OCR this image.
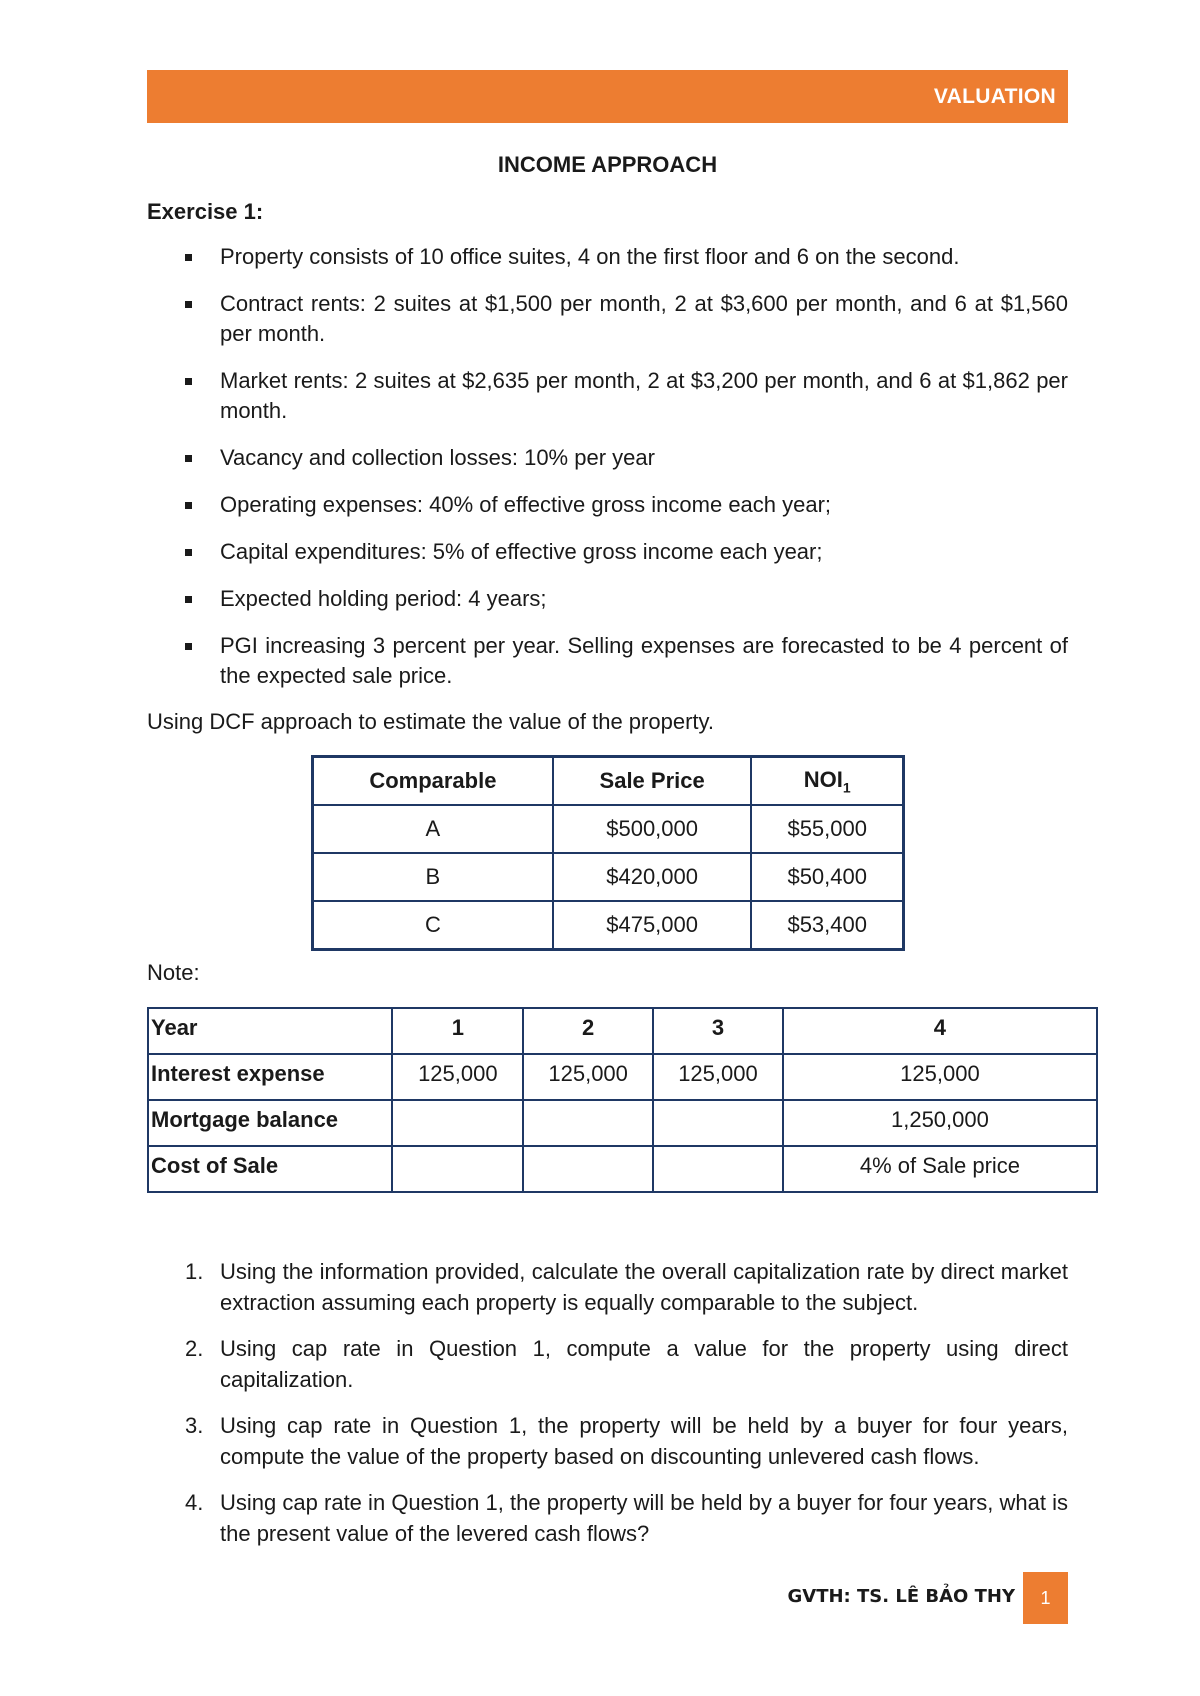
VALUATION
INCOME APPROACH
Exercise 1:
Property consists of 10 office suites, 4 on the first floor and 6 on the second.
Contract rents: 2 suites at $1,500 per month, 2 at $3,600 per month, and 6 at $1,560 per month.
Market rents: 2 suites at $2,635 per month, 2 at $3,200 per month, and 6 at $1,862 per month.
Vacancy and collection losses: 10% per year
Operating expenses: 40% of effective gross income each year;
Capital expenditures: 5% of effective gross income each year;
Expected holding period: 4 years;
PGI increasing 3 percent per year. Selling expenses are forecasted to be 4 percent of the expected sale price.
Using DCF approach to estimate the value of the property.
Comparable	Sale Price	$NOI_1$
A	$500,000	$55,000
B	$420,000	$50,400
C	$475,000	$53,400
Note:
Year	1	2	3	4
Interest expense	125,000	125,000	125,000	125,000
Mortgage balance				1,250,000
Cost of Sale				4% of Sale price
1. Using the information provided, calculate the overall capitalization rate by direct market extraction assuming each property is equally comparable to the subject.
2. Using cap rate in Question 1, compute a value for the property using direct capitalization.
3. Using cap rate in Question 1, the property will be held by a buyer for four years, compute the value of the property based on discounting unlevered cash flows.
4. Using cap rate in Question 1, the property will be held by a buyer for four years, what is the present value of the levered cash flows?
GVTH: TS. LÊ BẢO THY	1
